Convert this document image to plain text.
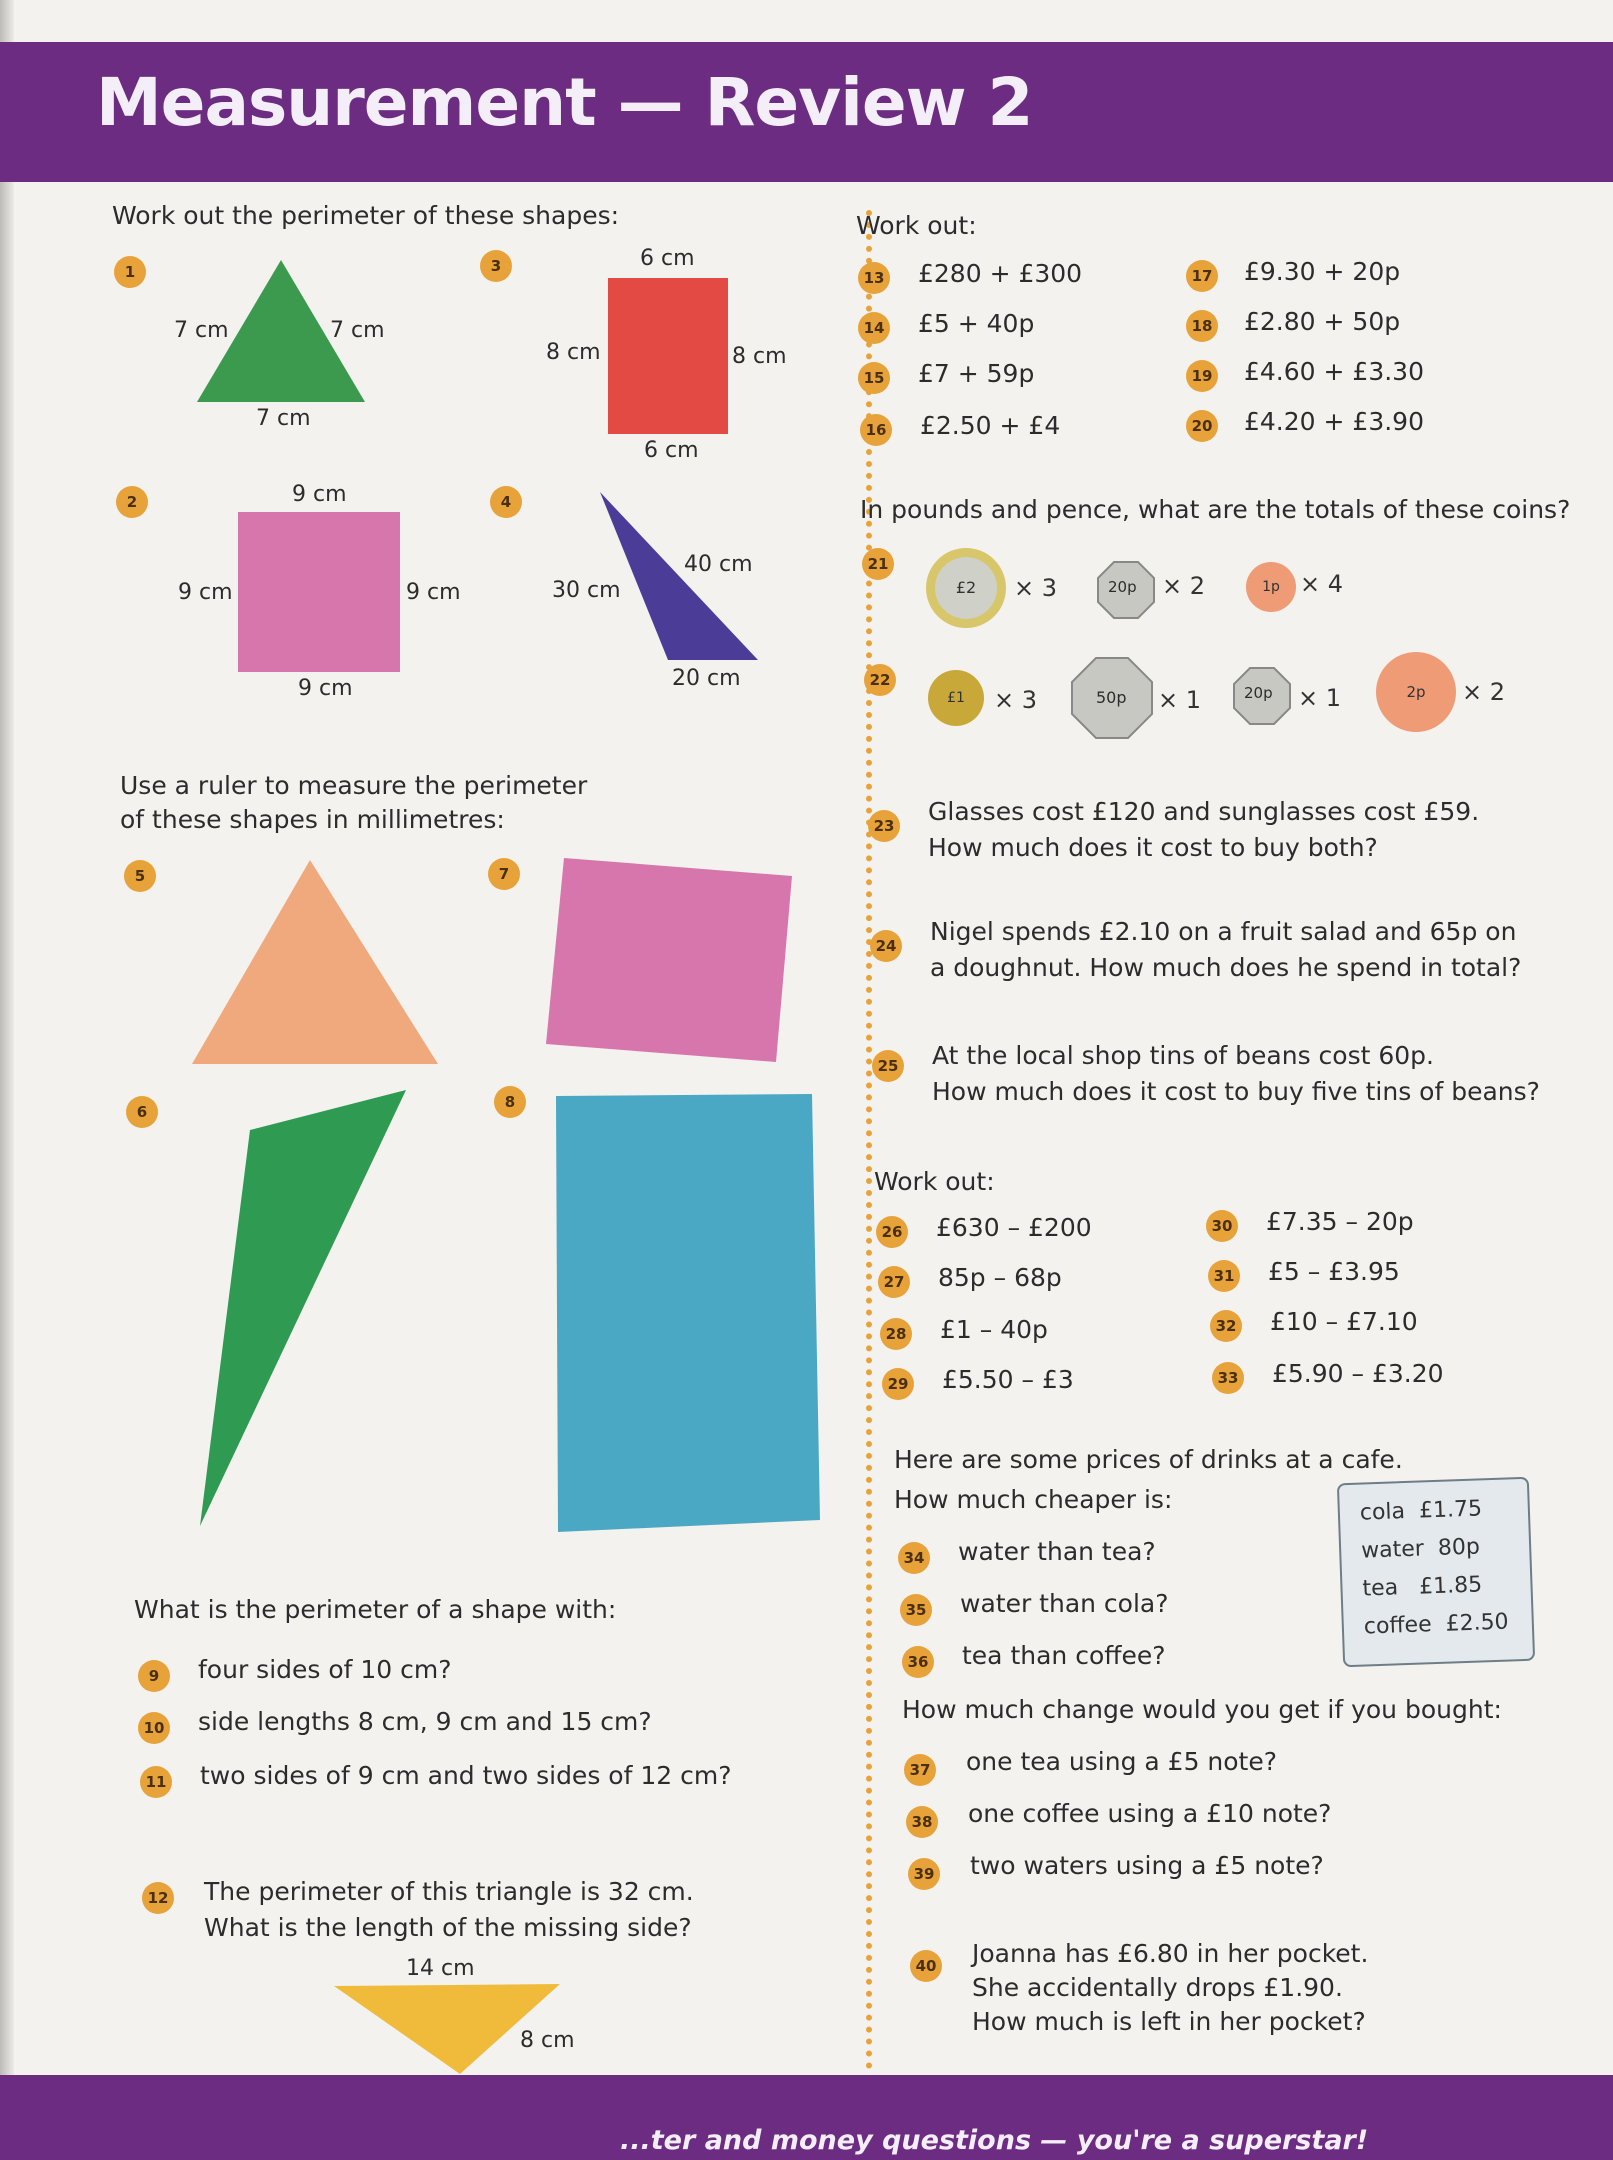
Measurement — Review 2
Work out the perimeter of these shapes:
1
7 cm	7 cm
7 cm
2	9 cm
9 cm	9 cm
9 cm
3	6 cm
8 cm	8 cm
6 cm
4
30 cm
40 cm
20 cm
Use a ruler to measure the perimeter
of these shapes in millimetres:
5	7
6
8
What is the perimeter of a shape with:
9	four sides of 10 cm?
10 side lengths 8 cm, 9 cm and 15 cm?
11 two sides of 9 cm and two sides of 12 cm?
12 The perimeter of this triangle is 32 cm.
What is the length of the missing side?
14 cm
8 cm
Work out:
13 £280 + £300
14 £5 + 40p
15 £7 + 59p
16 £2.50 + £4
17 £9.30 + 20p
18 £2.80 + 50p
19 £4.60 + £3.30
20 £4.20 + £3.90
In pounds and pence, what are the totals of these coins?
21
£2	× 3	20p × 2	1p × 4
22
£1	× 3	50p × 1	20p × 1	2p	× 2
23 Glasses cost £120 and sunglasses cost £59.
How much does it cost to buy both?
24 Nigel spends £2.10 on a fruit salad and 65p on
a doughnut. How much does he spend in total?
25 At the local shop tins of beans cost 60p.
How much does it cost to buy five tins of beans?
Work out:
26 £630 – £200
27 85p – 68p
28 £1 – 40p
29 £5.50 – £3
30 £7.35 – 20p
31 £5 – £3.95
32 £10 – £7.10
33 £5.90 – £3.20
Here are some prices of drinks at a cafe.
How much cheaper is:	cola £1.75
water 80p
tea £1.85
coffee £2.50
34 water than tea?
35 water than cola?
36 tea than coffee?
How much change would you get if you bought:
37 one tea using a £5 note?
38 one coffee using a £10 note?
39 two waters using a £5 note?
40 Joanna has £6.80 in her pocket.
She accidentally drops £1.90.
How much is left in her pocket?
...ter and money questions — you're a superstar!
